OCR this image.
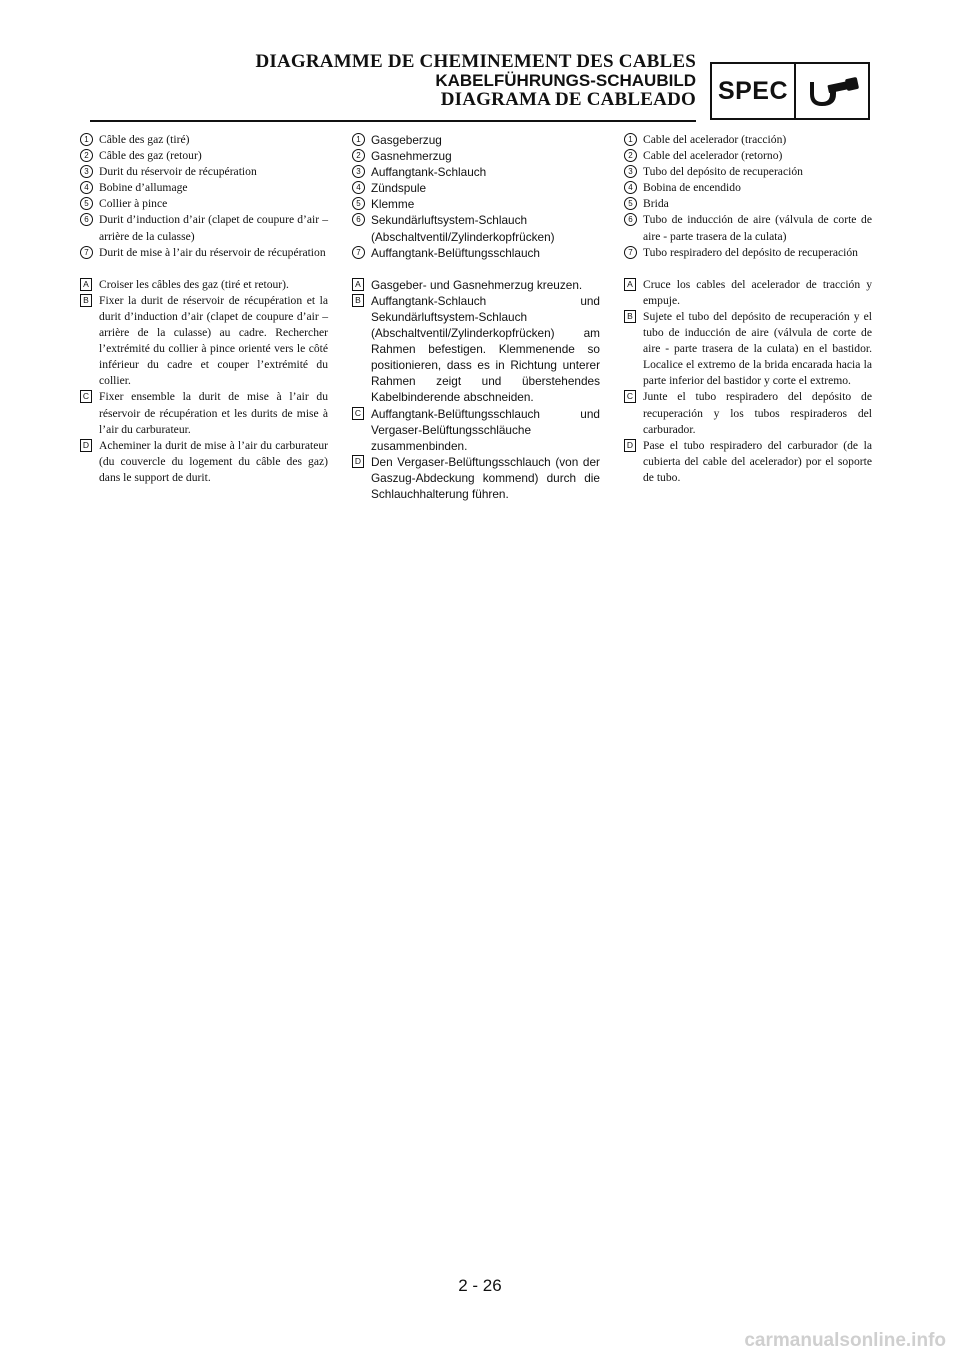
DIAGRAMME DE CHEMINEMENT DES CABLES
KABELFÜHRUNGS-SCHAUBILD
DIAGRAMA DE CABLEADO SPEC
1 Câble des gaz (tiré)
2 Câble des gaz (retour)
3 Durit du réservoir de récupération
4 Bobine d’allumage
5 Collier à pince
6 Durit d’induction d’air (clapet de coupure d’air – arrière de la culasse)
7 Durit de mise à l’air du réservoir de récupération
A Croiser les câbles des gaz (tiré et retour).
B Fixer la durit de réservoir de récupération et la durit d’induction d’air (clapet de coupure d’air – arrière de la culasse) au cadre. Rechercher l’extrémité du collier à pince orienté vers le côté inférieur du cadre et couper l’extrémité du collier.
C Fixer ensemble la durit de mise à l’air du réservoir de récupération et les durits de mise à l’air du carburateur.
D Acheminer la durit de mise à l’air du carburateur (du couvercle du logement du câble des gaz) dans le support de durit.
1 Gasgeberzug
2 Gasnehmerzug
3 Auffangtank-Schlauch
4 Zündspule
5 Klemme
6 Sekundärluftsystem-Schlauch (Abschaltventil/Zylinderkopfrücken)
7 Auffangtank-Belüftungsschlauch
A Gasgeber- und Gasnehmerzug kreuzen.
B Auffangtank-Schlauch und Sekundärluftsystem-Schlauch (Abschaltventil/Zylinderkopfrücken) am Rahmen befestigen. Klemmenende so positionieren, dass es in Richtung unterer Rahmen zeigt und überstehendes Kabelbinderende abschneiden.
C Auffangtank-Belüftungsschlauch und Vergaser-Belüftungsschläuche zusammenbinden.
D Den Vergaser-Belüftungsschlauch (von der Gaszug-Abdeckung kommend) durch die Schlauchhalterung führen.
1 Cable del acelerador (tracción)
2 Cable del acelerador (retorno)
3 Tubo del depósito de recuperación
4 Bobina de encendido
5 Brida
6 Tubo de inducción de aire (válvula de corte de aire - parte trasera de la culata)
7 Tubo respiradero del depósito de recuperación
A Cruce los cables del acelerador de tracción y empuje.
B Sujete el tubo del depósito de recuperación y el tubo de inducción de aire (válvula de corte de aire - parte trasera de la culata) en el bastidor. Localice el extremo de la brida encarada hacia la parte inferior del bastidor y corte el extremo.
C Junte el tubo respiradero del depósito de recuperación y los tubos respiraderos del carburador.
D Pase el tubo respiradero del carburador (de la cubierta del cable del acelerador) por el soporte de tubo.
2 - 26
carmanualsonline.info
